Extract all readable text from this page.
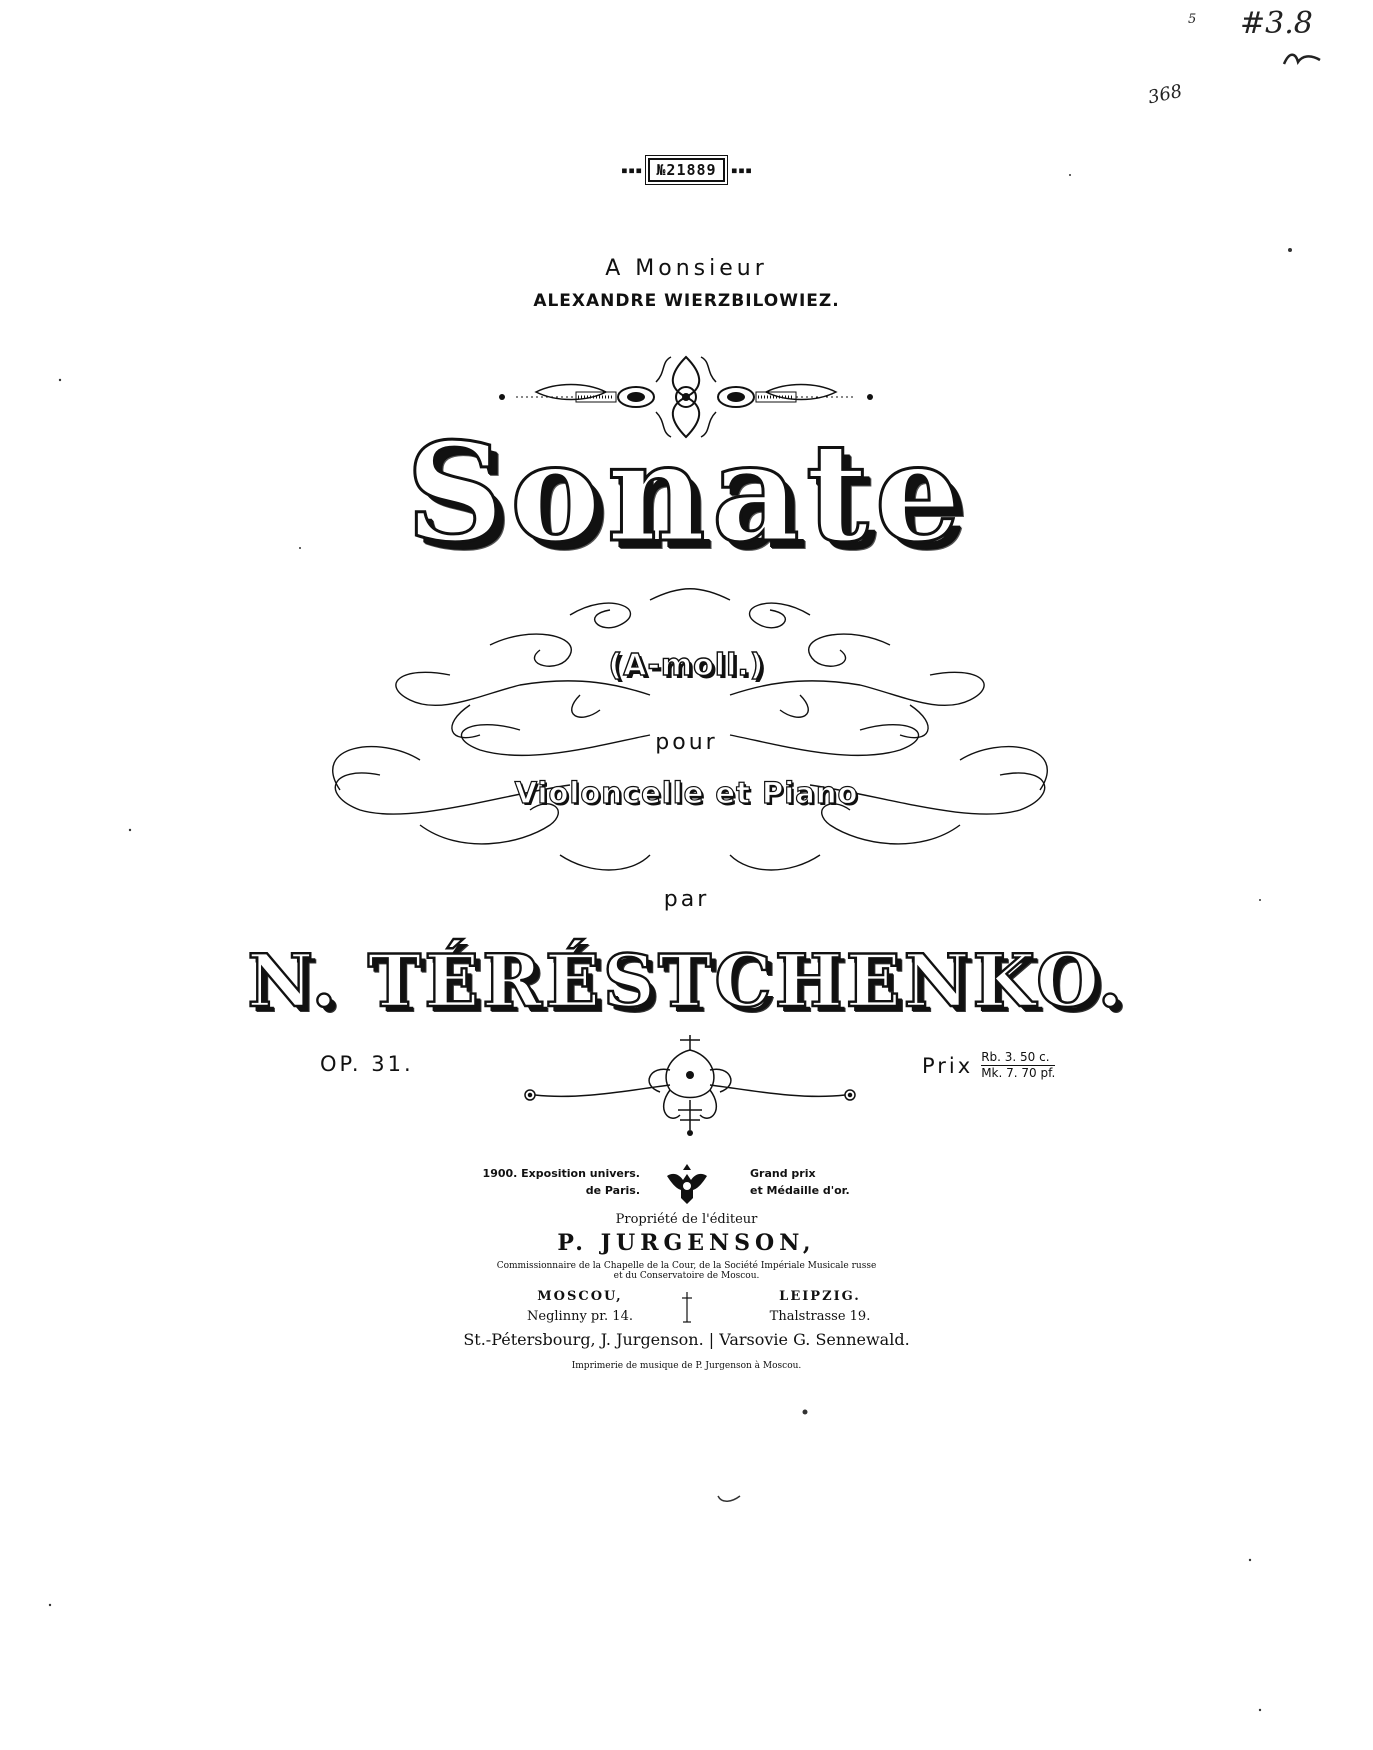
5 #3.8
368
▪▪▪ №21889	▪▪▪
A Monsieur
ALEXANDRE WIERZBILOWIEZ.
Sonate
(A-moll.)
pour
Violoncelle et Piano
par
N. TÉRÉSTCHENKO.
OP. 31.	Prix $\frac{Rb. 3. 50 c.}{Mk. 7. 70 pf.}$
1900. Exposition univers.
de Paris.
Grand prix
et Médaille d'or.
Propriété de l'éditeur
P. JURGENSON,
Commissionnaire de la Chapelle de la Cour, de la Société Impériale Musicale russe
et du Conservatoire de Moscou.
MOSCOU,
Neglinny pr. 14.
LEIPZIG.
Thalstrasse 19.
St.-Pétersbourg, J. Jurgenson. | Varsovie G. Sennewald.
Imprimerie de musique de P. Jurgenson à Moscou.
